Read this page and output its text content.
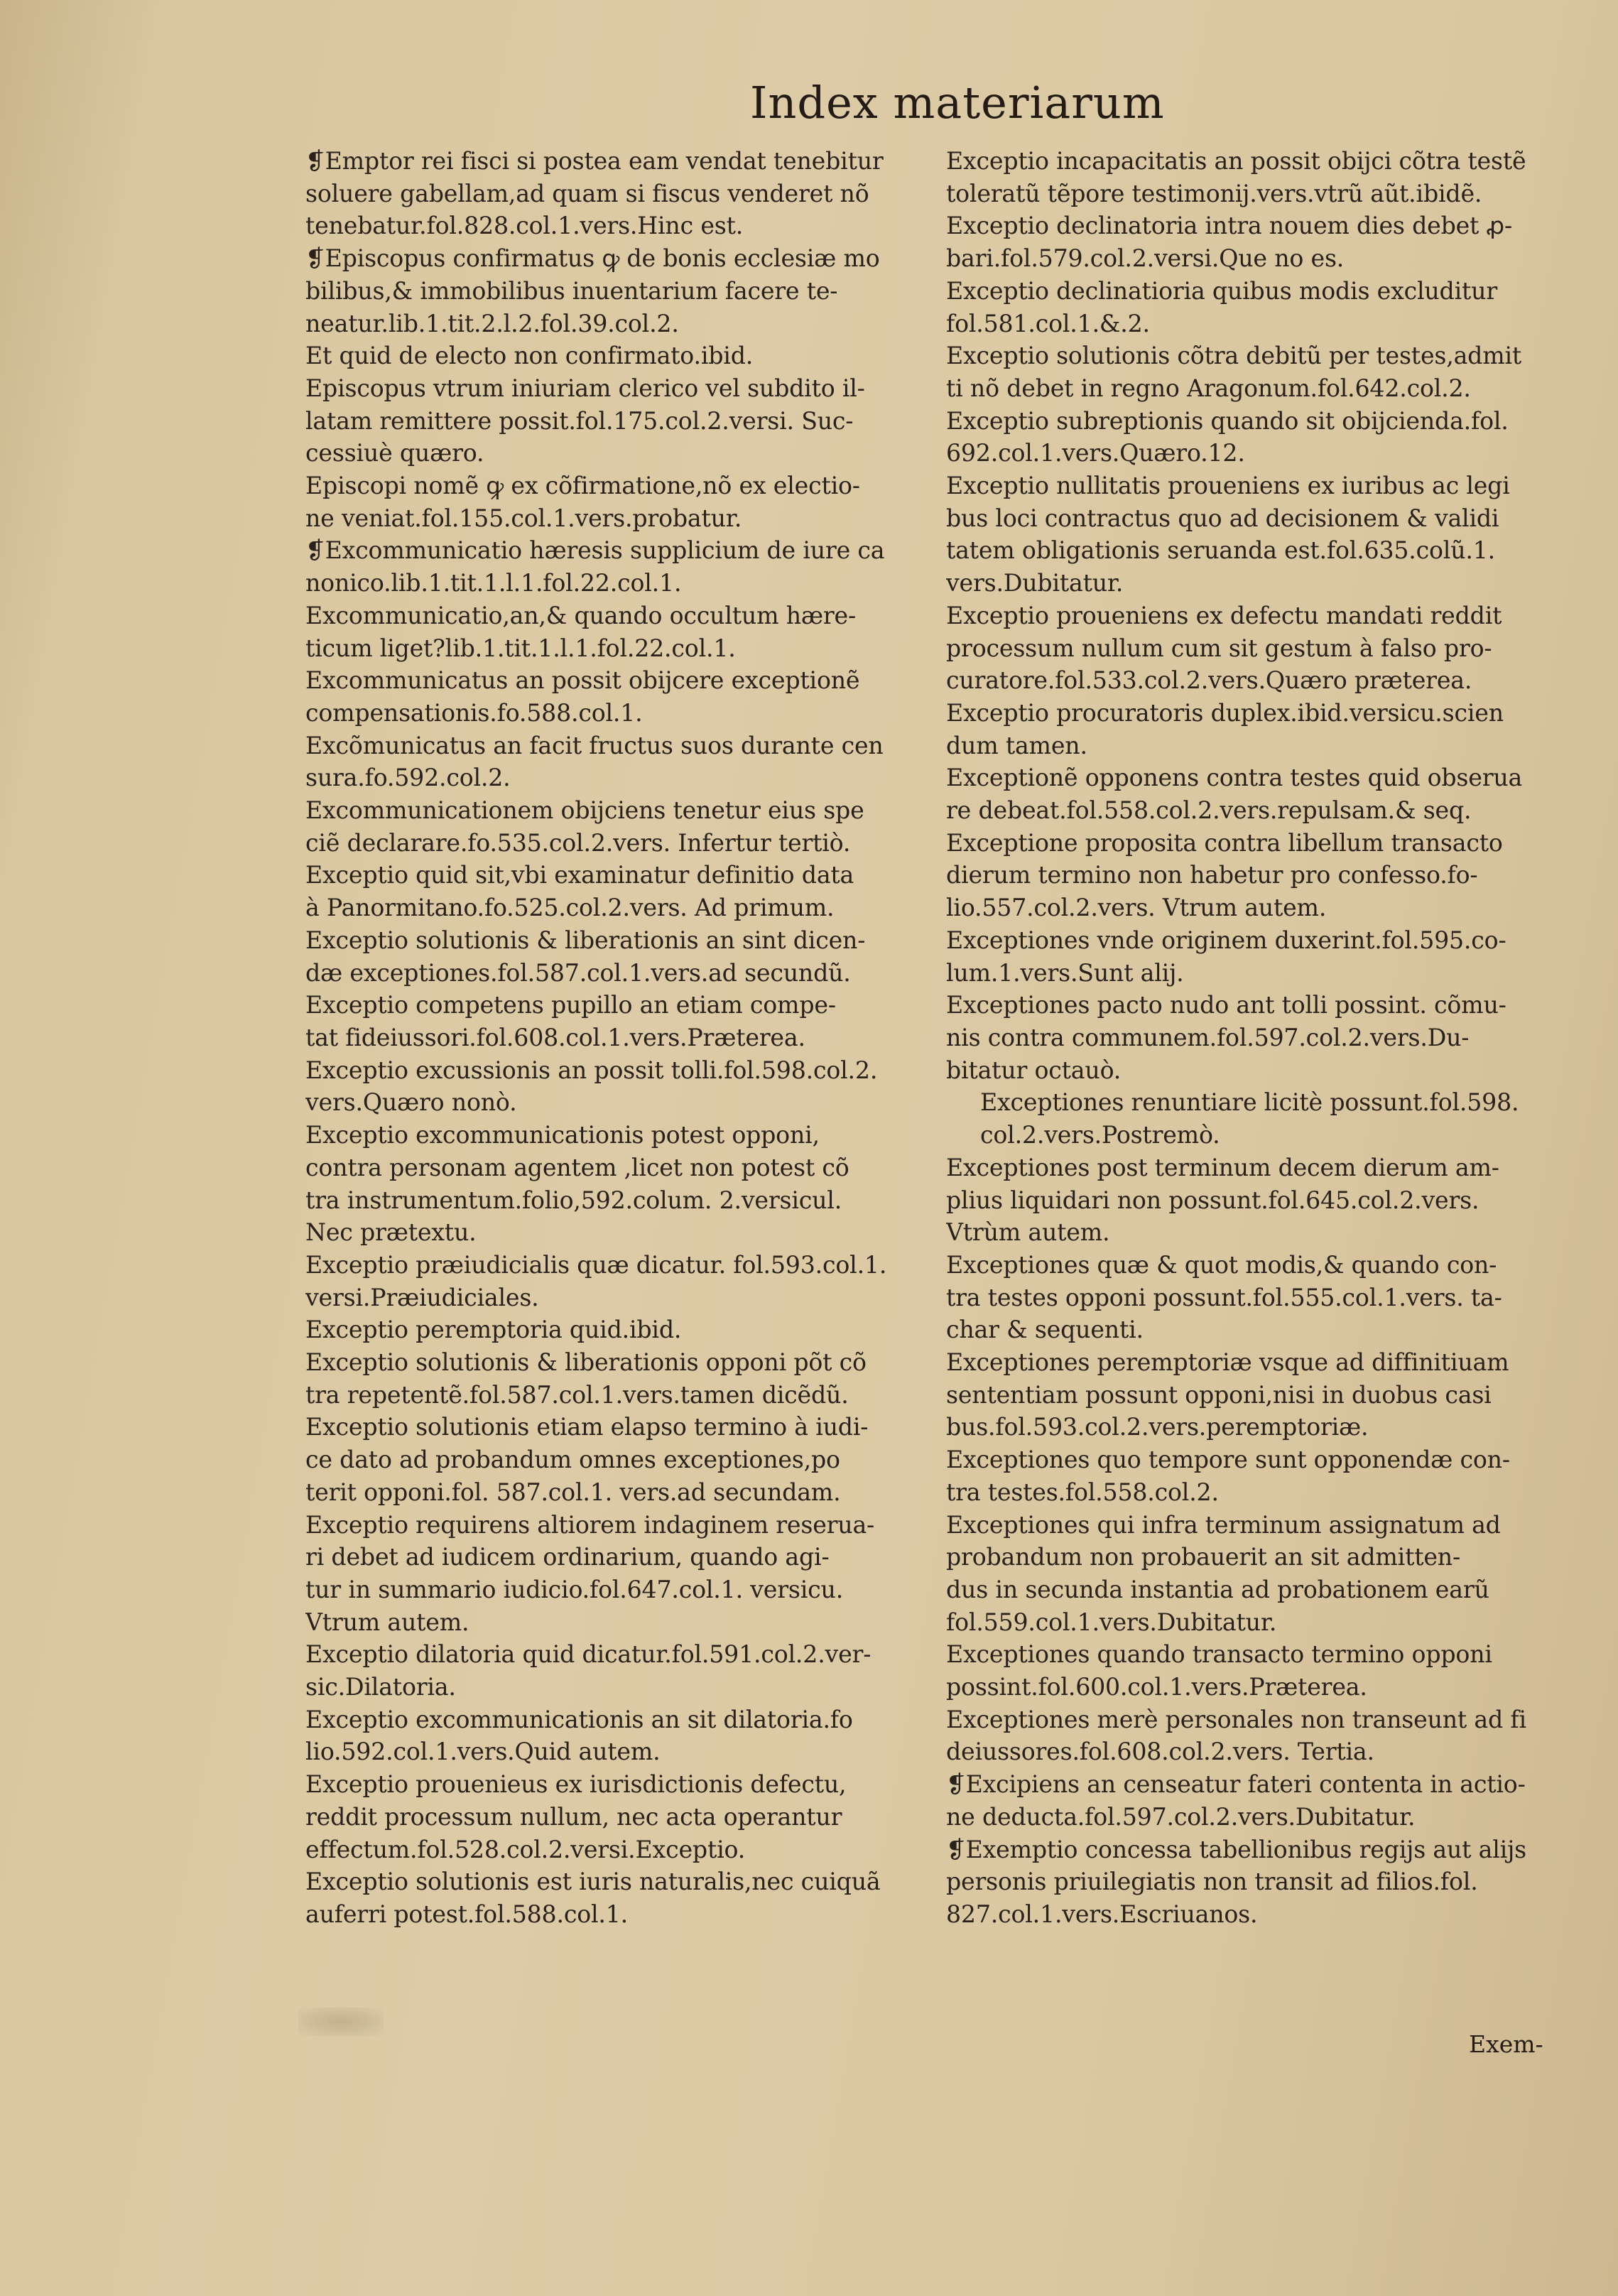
Index materiarum
❡Emptor rei fisci si postea eam vendat tenebitur
soluere gabellam,ad quam si fiscus venderet nõ
tenebatur.fol.828.col.1.vers.Hinc est.
❡Episcopus confirmatus ꝙ de bonis ecclesiæ mo
bilibus,& immobilibus inuentarium facere te-
neatur.lib.1.tit.2.l.2.fol.39.col.2.
Et quid de electo non confirmato.ibid.
Episcopus vtrum iniuriam clerico vel subdito il-
latam remittere possit.fol.175.col.2.versi. Suc-
cessiuè quæro.
Episcopi nomẽ ꝙ ex cõfirmatione,nõ ex electio-
ne veniat.fol.155.col.1.vers.probatur.
❡Excommunicatio hæresis supplicium de iure ca
nonico.lib.1.tit.1.l.1.fol.22.col.1.
Excommunicatio,an,& quando occultum hære-
ticum liget?lib.1.tit.1.l.1.fol.22.col.1.
Excommunicatus an possit obijcere exceptionẽ
compensationis.fo.588.col.1.
Excõmunicatus an facit fructus suos durante cen
sura.fo.592.col.2.
Excommunicationem obijciens tenetur eius spe
ciẽ declarare.fo.535.col.2.vers. Infertur tertiò.
Exceptio quid sit,vbi examinatur definitio data
à Panormitano.fo.525.col.2.vers. Ad primum.
Exceptio solutionis & liberationis an sint dicen-
dæ exceptiones.fol.587.col.1.vers.ad secundũ.
Exceptio competens pupillo an etiam compe-
tat fideiussori.fol.608.col.1.vers.Præterea.
Exceptio excussionis an possit tolli.fol.598.col.2.
vers.Quæro nonò.
Exceptio excommunicationis potest opponi,
contra personam agentem ,licet non potest cõ
tra instrumentum.folio,592.colum. 2.versicul.
Nec prætextu.
Exceptio præiudicialis quæ dicatur. fol.593.col.1.
versi.Præiudiciales.
Exceptio peremptoria quid.ibid.
Exceptio solutionis & liberationis opponi põt cõ
tra repetentẽ.fol.587.col.1.vers.tamen dicẽdũ.
Exceptio solutionis etiam elapso termino à iudi-
ce dato ad probandum omnes exceptiones,po
terit opponi.fol. 587.col.1. vers.ad secundam.
Exceptio requirens altiorem indaginem reserua-
ri debet ad iudicem ordinarium, quando agi-
tur in summario iudicio.fol.647.col.1. versicu.
Vtrum autem.
Exceptio dilatoria quid dicatur.fol.591.col.2.ver-
sic.Dilatoria.
Exceptio excommunicationis an sit dilatoria.fo
lio.592.col.1.vers.Quid autem.
Exceptio prouenieus ex iurisdictionis defectu,
reddit processum nullum, nec acta operantur
effectum.fol.528.col.2.versi.Exceptio.
Exceptio solutionis est iuris naturalis,nec cuiquã
auferri potest.fol.588.col.1.
Exceptio incapacitatis an possit obijci cõtra testẽ
toleratũ tẽpore testimonij.vers.vtrũ aũt.ibidẽ.
Exceptio declinatoria intra nouem dies debet ꝓ-
bari.fol.579.col.2.versi.Que no es.
Exceptio declinatioria quibus modis excluditur
fol.581.col.1.&.2.
Exceptio solutionis cõtra debitũ per testes,admit
ti nõ debet in regno Aragonum.fol.642.col.2.
Exceptio subreptionis quando sit obijcienda.fol.
692.col.1.vers.Quæro.12.
Exceptio nullitatis proueniens ex iuribus ac legi
bus loci contractus quo ad decisionem & validi
tatem obligationis seruanda est.fol.635.colũ.1.
vers.Dubitatur.
Exceptio proueniens ex defectu mandati reddit
processum nullum cum sit gestum à falso pro-
curatore.fol.533.col.2.vers.Quæro præterea.
Exceptio procuratoris duplex.ibid.versicu.scien
dum tamen.
Exceptionẽ opponens contra testes quid obserua
re debeat.fol.558.col.2.vers.repulsam.& seq.
Exceptione proposita contra libellum transacto
dierum termino non habetur pro confesso.fo-
lio.557.col.2.vers. Vtrum autem.
Exceptiones vnde originem duxerint.fol.595.co-
lum.1.vers.Sunt alij.
Exceptiones pacto nudo ant tolli possint. cõmu-
nis contra communem.fol.597.col.2.vers.Du-
bitatur octauò.
Exceptiones renuntiare licitè possunt.fol.598.
col.2.vers.Postremò.
Exceptiones post terminum decem dierum am-
plius liquidari non possunt.fol.645.col.2.vers.
Vtrùm autem.
Exceptiones quæ & quot modis,& quando con-
tra testes opponi possunt.fol.555.col.1.vers. ta-
char & sequenti.
Exceptiones peremptoriæ vsque ad diffinitiuam
sententiam possunt opponi,nisi in duobus casi
bus.fol.593.col.2.vers.peremptoriæ.
Exceptiones quo tempore sunt opponendæ con-
tra testes.fol.558.col.2.
Exceptiones qui infra terminum assignatum ad
probandum non probauerit an sit admitten-
dus in secunda instantia ad probationem earũ
fol.559.col.1.vers.Dubitatur.
Exceptiones quando transacto termino opponi
possint.fol.600.col.1.vers.Præterea.
Exceptiones merè personales non transeunt ad fi
deiussores.fol.608.col.2.vers. Tertia.
❡Excipiens an censeatur fateri contenta in actio-
ne deducta.fol.597.col.2.vers.Dubitatur.
❡Exemptio concessa tabellionibus regijs aut alijs
personis priuilegiatis non transit ad filios.fol.
827.col.1.vers.Escriuanos.
Exem-
